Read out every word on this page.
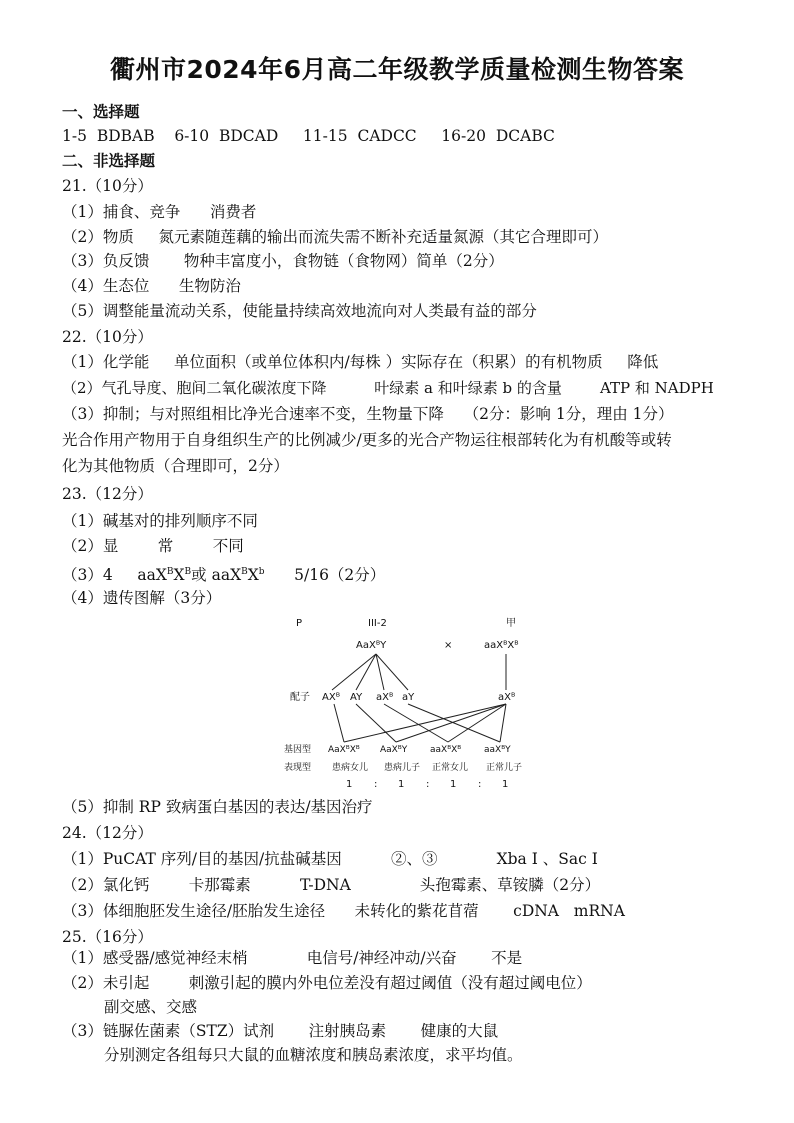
衢州市2024年6月高二年级教学质量检测生物答案
一、选择题
1-5  BDBAB    6-10  BDCAD     11-15  CADCC     16-20  DCABC
二、非选择题
21.（10分）
（1）捕食、竞争      消费者
（2）物质     氮元素随莲藕的输出而流失需不断补充适量氮源（其它合理即可）
（3）负反馈       物种丰富度小，食物链（食物网）简单（2分）
（4）生态位      生物防治
（5）调整能量流动关系，使能量持续高效地流向对人类最有益的部分
22.（10分）
（1）化学能     单位面积（或单位体积内/每株 ）实际存在（积累）的有机物质     降低
（2）气孔导度、胞间二氧化碳浓度下降          叶绿素 a 和叶绿素 b 的含量        ATP 和 NADPH
（3）抑制；与对照组相比净光合速率不变，生物量下降    （2分：影响 1分，理由 1分）
光合作用产物用于自身组织生产的比例减少/更多的光合产物运往根部转化为有机酸等或转
化为其他物质（合理即可，2分）
23.（12分）
（1）碱基对的排列顺序不同
（2）显        常        不同
（3）4     $aaX^BX^B$或 $aaX^BX^b$      5/16（2分）
（4）遗传图解（3分）
P	III-2
AaXᴮY	×
甲
aaXᴮXᴮ
配子 AXᴮ AY aXᴮ aY	aXᴮ
基因型 AaXᴮXᴮ AaXᴮY	aaXᴮXᴮ	aaXᴮY
表现型 患病女儿 患病儿子 正常女儿 正常儿子
1 : 1 : 1 : 1
（5）抑制 RP 致病蛋白基因的表达/基因治疗
24.（12分）
（1）PuCAT 序列/目的基因/抗盐碱基因          ②、③            Xba Ⅰ 、Sac Ⅰ
（2）氯化钙        卡那霉素          T-DNA              头孢霉素、草铵膦（2分）
（3）体细胞胚发生途径/胚胎发生途径      未转化的紫花苜蓿       cDNA   mRNA
25.（16分）
（1）感受器/感觉神经末梢            电信号/神经冲动/兴奋       不是
（2）未引起        刺激引起的膜内外电位差没有超过阈值（没有超过阈电位）
副交感、交感
（3）链脲佐菌素（STZ）试剂       注射胰岛素       健康的大鼠
分别测定各组每只大鼠的血糖浓度和胰岛素浓度，求平均值。
